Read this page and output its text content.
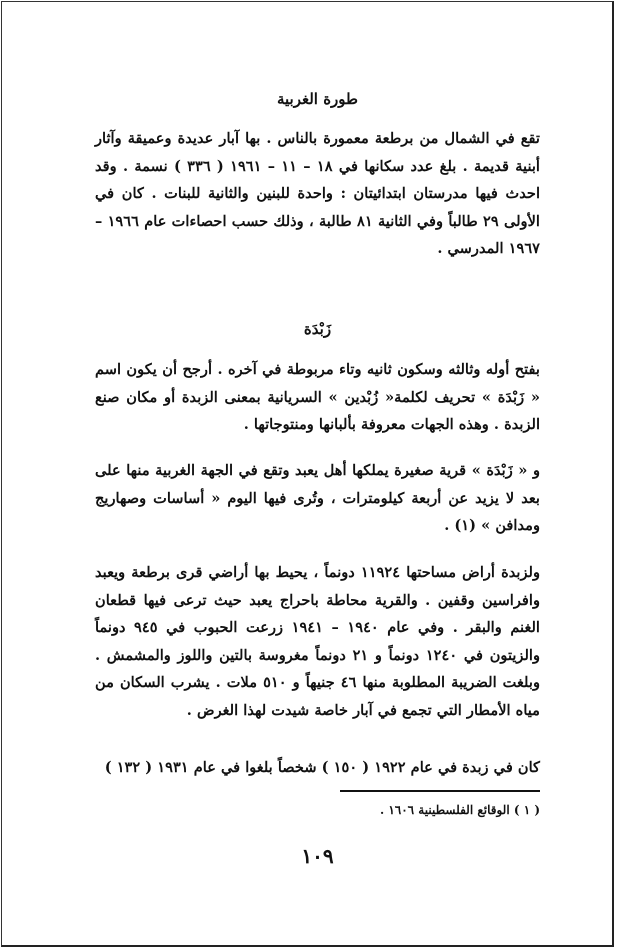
طورة الغربية
تقع في الشمال من برطعة معمورة بالناس . بها آبار عديدة وعميقة وآثار أبنية قديمة . بلغ عدد سكانها في ١٨ – ١١ – ١٩٦١ ( ٣٣٦ ) نسمة . وقد احدث فيها مدرستان ابتدائيتان : واحدة للبنين والثانية للبنات . كان في الأولى ٢٩ طالباً وفي الثانية ٨١ طالبة ، وذلك حسب احصاءات عام ١٩٦٦ – ١٩٦٧ المدرسي .
زَبْدَة
بفتح أوله وثالثه وسكون ثانيه وتاء مربوطة في آخره . أرجح أن يكون اسم « زَبْدَة » تحريف لكلمة« زُبْدين » السريانية بمعنى الزبدة أو مكان صنع الزبدة . وهذه الجهات معروفة بألبانها ومنتوجاتها .
و « زَبْدَة » قرية صغيرة يملكها أهل يعبد وتقع في الجهة الغربية منها على بعد لا يزيد عن أربعة كيلومترات ، وتُرى فيها اليوم « أساسات وصهاريج ومدافن » (١) .
ولزبدة أراض مساحتها ١١٩٢٤ دونماً ، يحيط بها أراضي قرى برطعة ويعبد وافراسين وقفين . والقرية محاطة باحراج يعبد حيث ترعى فيها قطعان الغنم والبقر . وفي عام ١٩٤٠ – ١٩٤١ زرعت الحبوب في ٩٤٥ دونماً والزيتون في ١٢٤٠ دونماً و ٢١ دونماً مغروسة بالتين واللوز والمشمش . وبلغت الضريبة المطلوبة منها ٤٦ جنيهاً و ٥١٠ ملات . يشرب السكان من مياه الأمطار التي تجمع في آبار خاصة شيدت لهذا الغرض .
كان في زبدة في عام ١٩٢٢ ( ١٥٠ ) شخصاً بلغوا في عام ١٩٣١ ( ١٣٢ )
( ١ ) الوقائع الفلسطينية ١٦٠٦ .
١٠٩
